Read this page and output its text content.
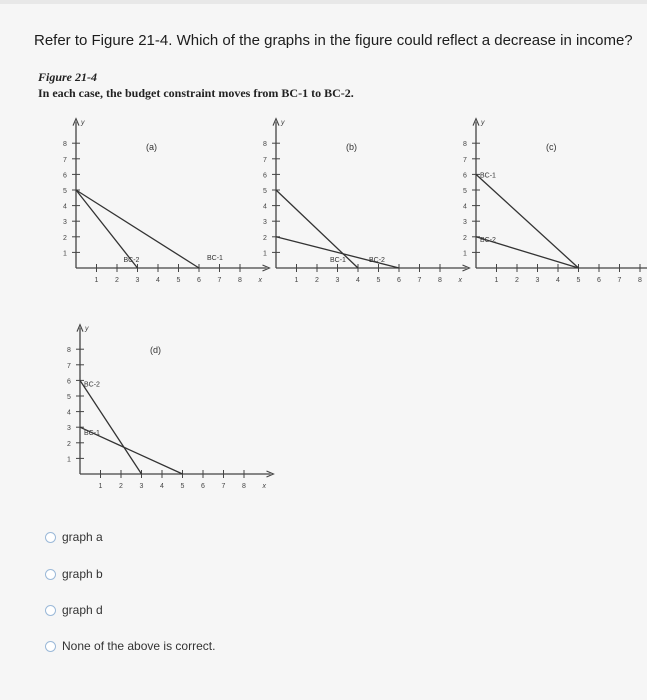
Refer to Figure 21-4. Which of the graphs in the figure could reflect a decrease in income?
Figure 21-4
In each case, the budget constraint moves from BC-1 to BC-2.
y
1
2
3
4
5
6
7
8
1 2 3 4 5 6 7 8 x
BC-1
BC-2
(a)
y
1
2
3
4
5
6
7
8
1 2 3 4 5 6 7 8 x
BC-1	BC-2
(b)
y
1
2
3
4
5
6
7
8
1 2 3 4 5 6 7 8
BC-1
BC-2
(c)
y
1
2
3
4
5
6
7
8
1 2 3 4 5 6 7 8 x
BC-1
BC-2
(d)
graph a
graph b
graph d
None of the above is correct.
